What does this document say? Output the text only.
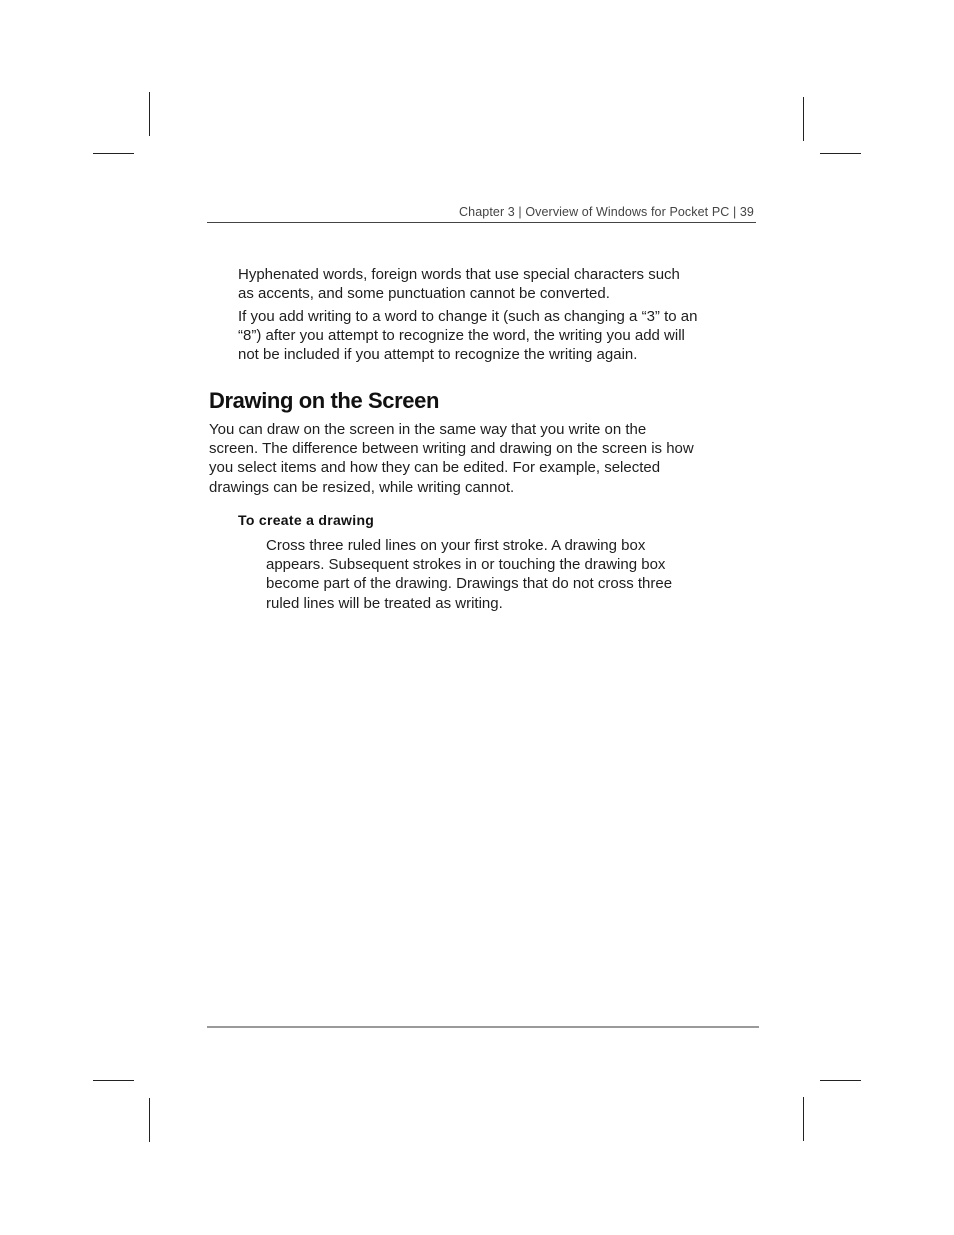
Chapter 3 | Overview of Windows for Pocket PC | 39

Hyphenated words, foreign words that use special characters such as accents, and some punctuation cannot be converted.

If you add writing to a word to change it (such as changing a “3” to an “8”) after you attempt to recognize the word, the writing you add will not be included if you attempt to recognize the writing again.

Drawing on the Screen

You can draw on the screen in the same way that you write on the screen. The difference between writing and drawing on the screen is how you select items and how they can be edited. For example, selected drawings can be resized, while writing cannot.

To create a drawing

Cross three ruled lines on your first stroke. A drawing box appears. Subsequent strokes in or touching the drawing box become part of the drawing. Drawings that do not cross three ruled lines will be treated as writing.
